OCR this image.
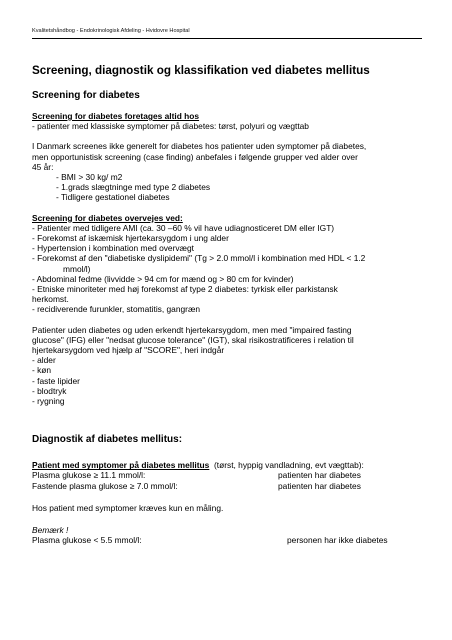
Kvalitetshåndbog - Endokrinologisk Afdeling - Hvidovre Hospital
Screening, diagnostik og klassifikation ved diabetes mellitus
Screening for diabetes

Screening for diabetes foretages altid hos

- patienter med klassiske symptomer på diabetes: tørst, polyuri og vægttab

I Danmark screenes ikke generelt for diabetes hos patienter uden symptomer på diabetes,

men opportunistisk screening (case finding) anbefales i følgende grupper ved alder over

45 år:

- BMI > 30 kg/ m2

- 1.grads slægtninge med type 2 diabetes

- Tidligere gestationel diabetes

Screening for diabetes overvejes ved:

- Patienter med tidligere AMI (ca. 30 –60 % vil have udiagnosticeret DM eller IGT)

- Forekomst af iskæmisk hjertekarsygdom i ung alder

- Hypertension i kombination med overvægt

- Forekomst af den "diabetiske dyslipidemi" (Tg > 2.0 mmol/l i kombination med HDL < 1.2

mmol/l)

- Abdominal fedme (livvidde > 94 cm for mænd og > 80 cm for kvinder)

- Etniske minoriteter med høj forekomst af type 2 diabetes: tyrkisk eller parkistansk

herkomst.

- recidiverende furunkler, stomatitis, gangræn

Patienter uden diabetes og uden erkendt hjertekarsygdom, men med "impaired fasting

glucose" (IFG) eller "nedsat glucose tolerance" (IGT), skal risikostratificeres i relation til

hjertekarsygdom ved hjælp af "SCORE", heri indgår

- alder

- køn

- faste lipider

- blodtryk

- rygning

Diagnostik af diabetes mellitus:

Patient med symptomer på diabetes mellitus (tørst, hyppig vandladning, evt vægttab):

Plasma glukose ≥ 11.1 mmol/l:	patienten har diabetes
Fastende plasma glukose ≥ 7.0 mmol/l:	patienten har diabetes

Hos patient med symptomer kræves kun en måling.

Bemærk !

Plasma glukose < 5.5 mmol/l:	personen har ikke diabetes
